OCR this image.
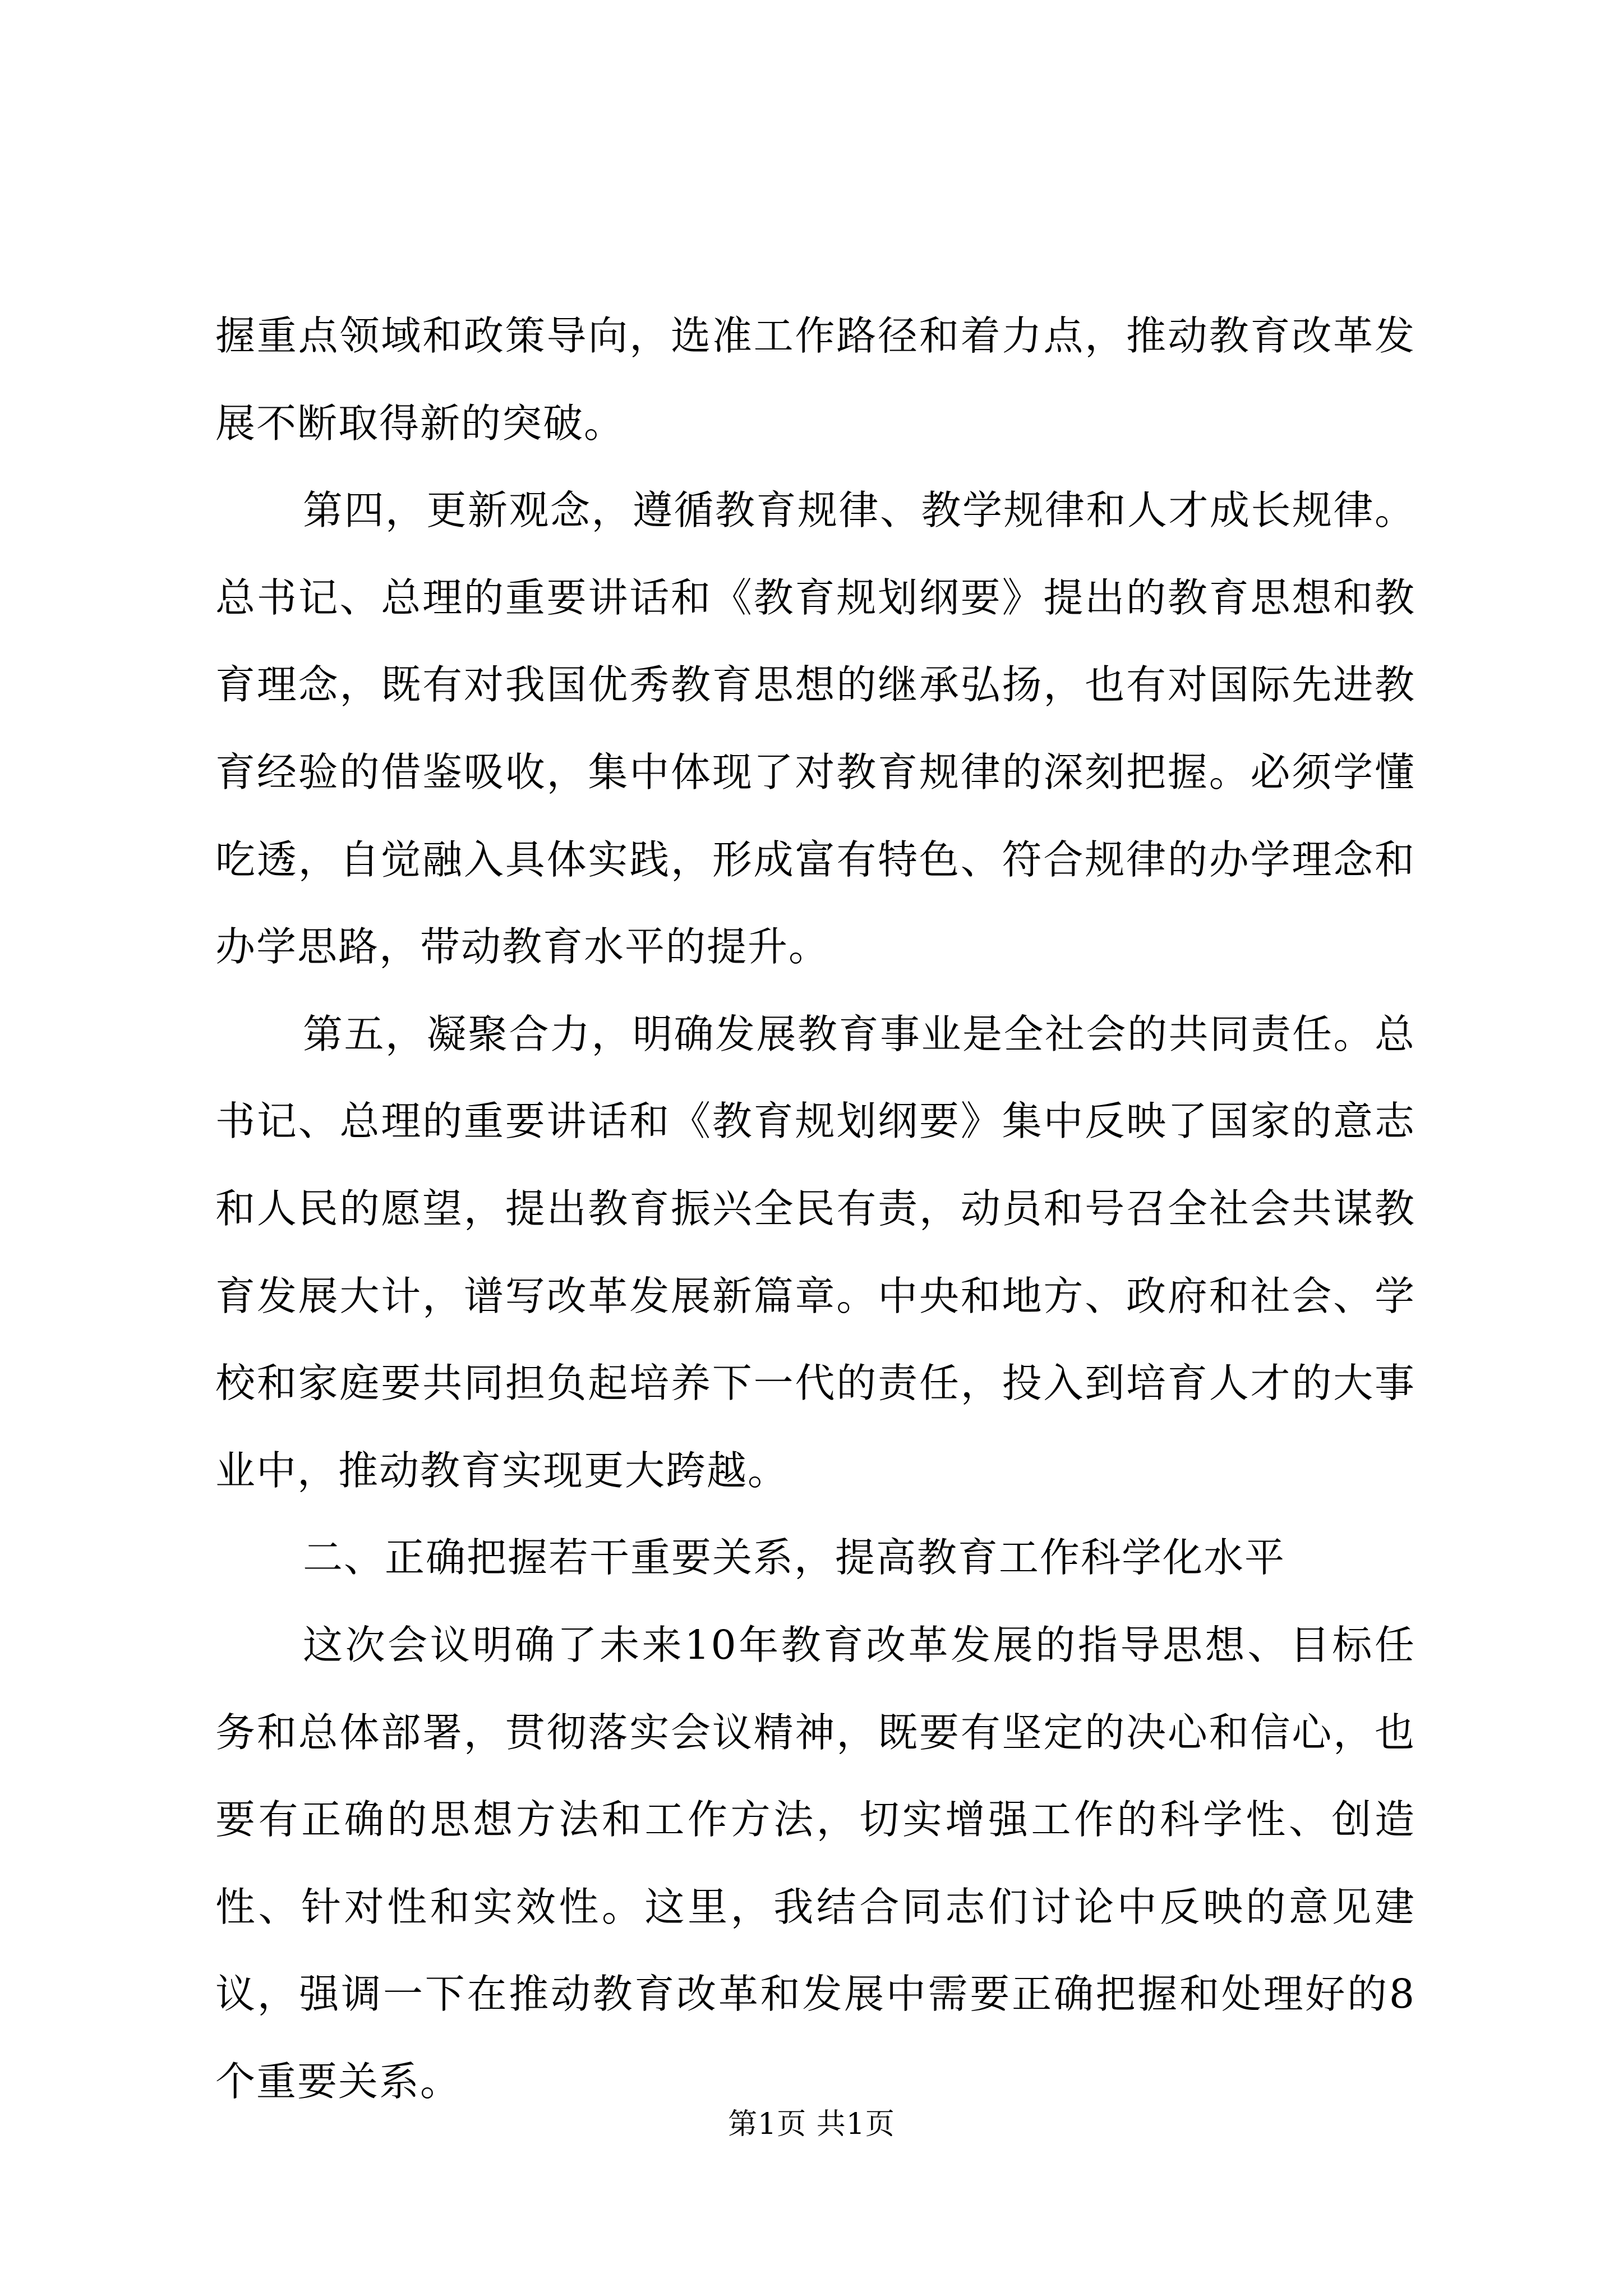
握重点领域和政策导向，选准工作路径和着力点，推动教育改革发展不断取得新的突破。

第四，更新观念，遵循教育规律、教学规律和人才成长规律。总书记、总理的重要讲话和《教育规划纲要》提出的教育思想和教育理念，既有对我国优秀教育思想的继承弘扬，也有对国际先进教育经验的借鉴吸收，集中体现了对教育规律的深刻把握。必须学懂吃透，自觉融入具体实践，形成富有特色、符合规律的办学理念和办学思路，带动教育水平的提升。

第五，凝聚合力，明确发展教育事业是全社会的共同责任。总书记、总理的重要讲话和《教育规划纲要》集中反映了国家的意志和人民的愿望，提出教育振兴全民有责，动员和号召全社会共谋教育发展大计，谱写改革发展新篇章。中央和地方、政府和社会、学校和家庭要共同担负起培养下一代的责任，投入到培育人才的大事业中，推动教育实现更大跨越。

二、正确把握若干重要关系，提高教育工作科学化水平

这次会议明确了未来10年教育改革发展的指导思想、目标任务和总体部署，贯彻落实会议精神，既要有坚定的决心和信心，也要有正确的思想方法和工作方法，切实增强工作的科学性、创造性、针对性和实效性。这里，我结合同志们讨论中反映的意见建议，强调一下在推动教育改革和发展中需要正确把握和处理好的8个重要关系。

第1页 共1页
